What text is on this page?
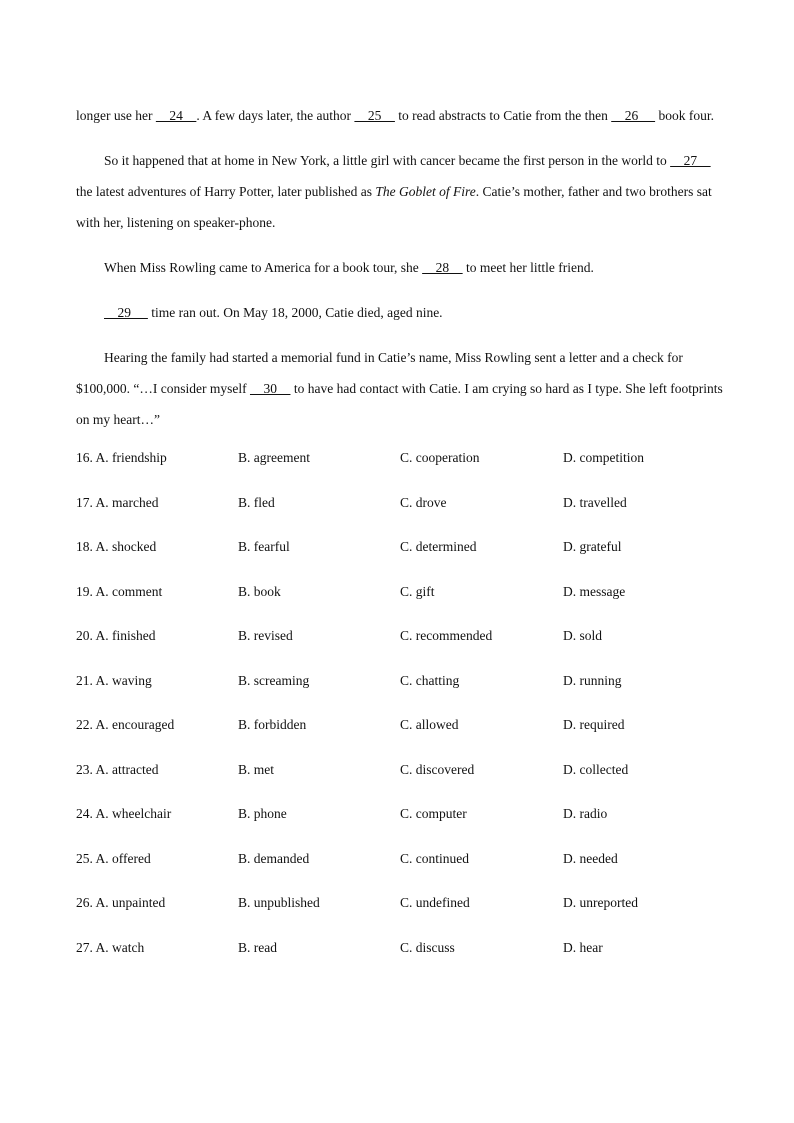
longer use her     24    . A few days later, the author     25     to read abstracts to Catie from the then     26      book four.

So it happened that at home in New York, a little girl with cancer became the first person in the world to     27     the latest adventures of Harry Potter, later published as The Goblet of Fire. Catie’s mother, father and two brothers sat with her, listening on speaker-phone.

When Miss Rowling came to America for a book tour, she     28     to meet her little friend.

29      time ran out. On May 18, 2000, Catie died, aged nine.

Hearing the family had started a memorial fund in Catie’s name, Miss Rowling sent a letter and a check for $100,000. “…I consider myself     30     to have had contact with Catie. I am crying so hard as I type. She left footprints on my heart…”

16. A. friendship	B. agreement	C. cooperation	D. competition
17. A. marched	B. fled	C. drove	D. travelled
18. A. shocked	B. fearful	C. determined	D. grateful
19. A. comment	B. book	C. gift	D. message
20. A. finished	B. revised	C. recommended	D. sold
21. A. waving	B. screaming	C. chatting	D. running
22. A. encouraged	B. forbidden	C. allowed	D. required
23. A. attracted	B. met	C. discovered	D. collected
24. A. wheelchair	B. phone	C. computer	D. radio
25. A. offered	B. demanded	C. continued	D. needed
26. A. unpainted	B. unpublished	C. undefined	D. unreported
27. A. watch	B. read	C. discuss	D. hear
